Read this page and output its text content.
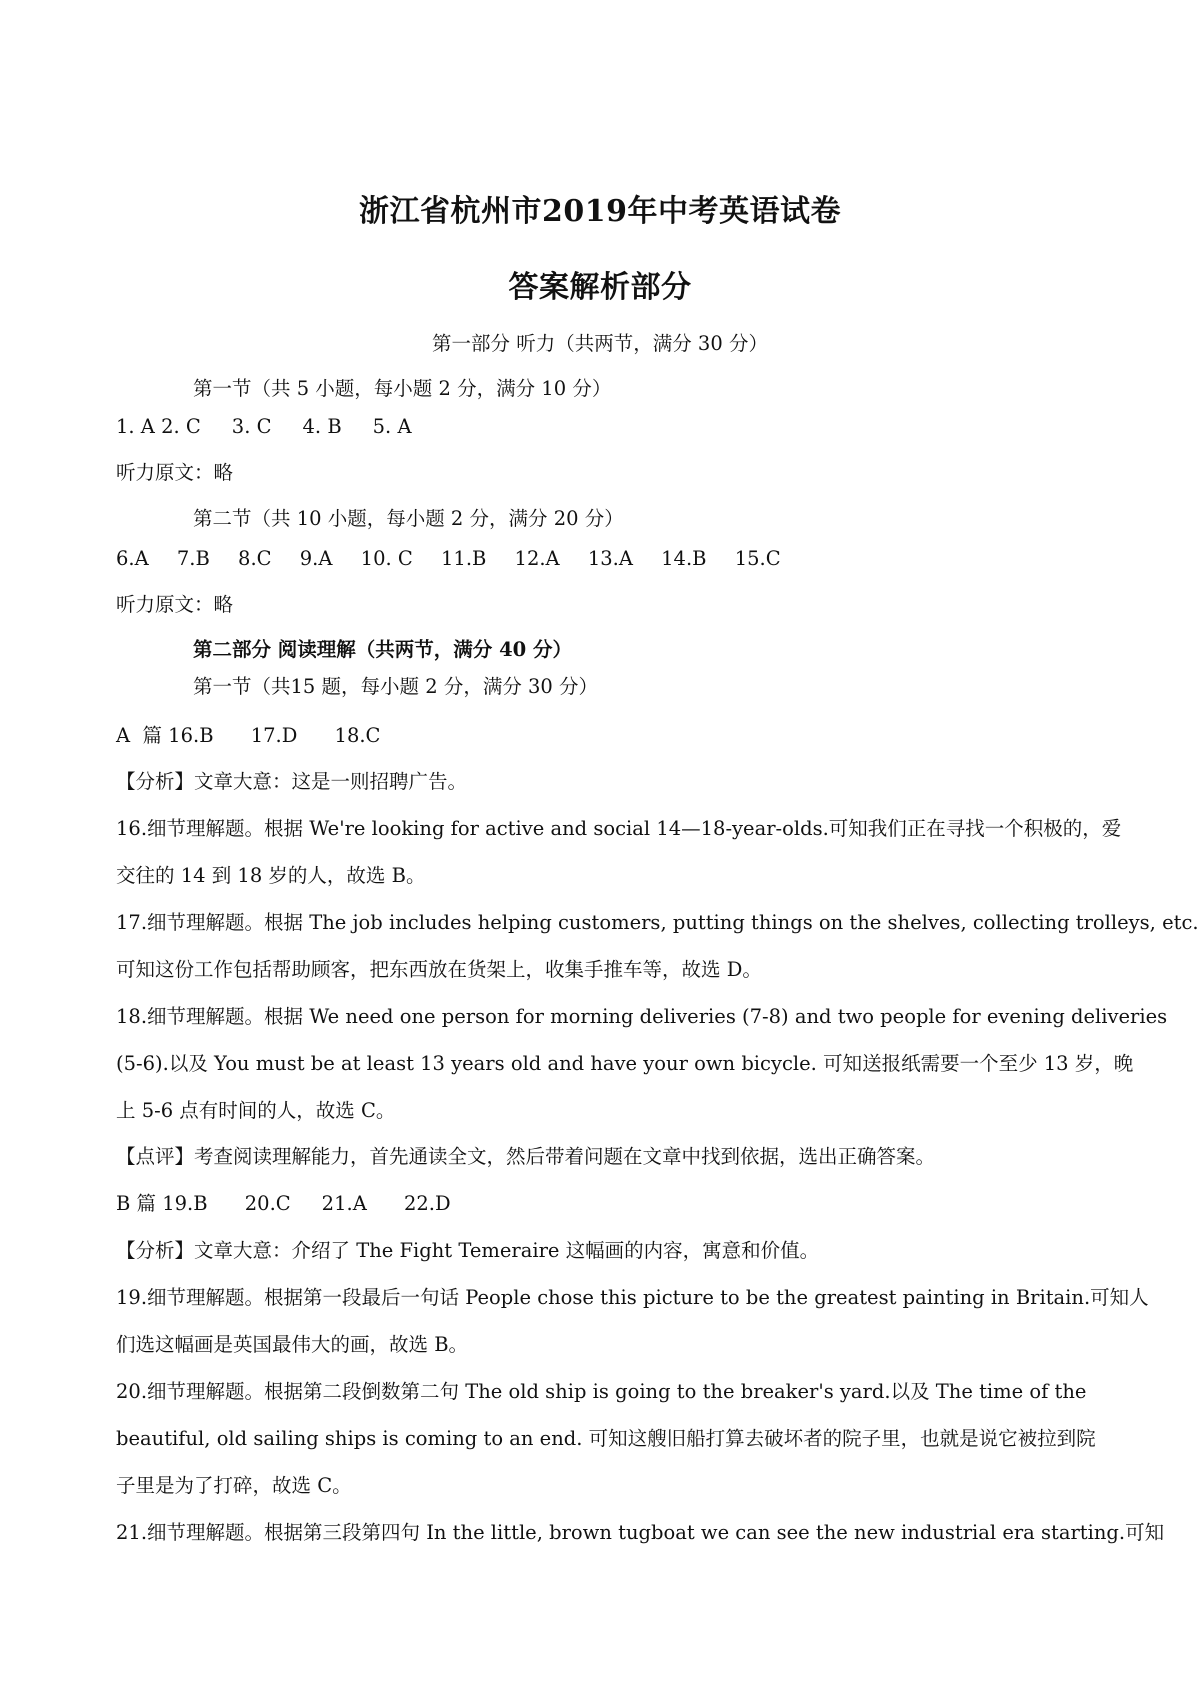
浙江省杭州市2019年中考英语试卷
答案解析部分
第一部分 听力（共两节，满分 30 分）
第一节（共 5 小题，每小题 2 分，满分 10 分）
1. A 2. C     3. C     4. B     5. A
听力原文：略
第二节（共 10 小题，每小题 2 分，满分 20 分）
6.A 7.B 8.C 9.A 10. C 11.B 12.A 13.A 14.B 15.C
听力原文：略
第二部分 阅读理解（共两节，满分 40 分）
第一节（共15 题，每小题 2 分，满分 30 分）
A  篇 16.B      17.D      18.C
【分析】文章大意：这是一则招聘广告。
16.细节理解题。根据 We're looking for active and social 14—18-year-olds.可知我们正在寻找一个积极的，爱
交往的 14 到 18 岁的人，故选 B。
17.细节理解题。根据 The job includes helping customers, putting things on the shelves, collecting trolleys, etc.
可知这份工作包括帮助顾客，把东西放在货架上，收集手推车等，故选 D。
18.细节理解题。根据 We need one person for morning deliveries (7-8) and two people for evening deliveries
(5-6).以及 You must be at least 13 years old and have your own bicycle. 可知送报纸需要一个至少 13 岁，晚
上 5-6 点有时间的人，故选 C。
【点评】考查阅读理解能力，首先通读全文，然后带着问题在文章中找到依据，选出正确答案。
B 篇 19.B      20.C     21.A      22.D
【分析】文章大意：介绍了 The Fight Temeraire 这幅画的内容，寓意和价值。
19.细节理解题。根据第一段最后一句话 People chose this picture to be the greatest painting in Britain.可知人
们选这幅画是英国最伟大的画，故选 B。
20.细节理解题。根据第二段倒数第二句 The old ship is going to the breaker's yard.以及 The time of the
beautiful, old sailing ships is coming to an end. 可知这艘旧船打算去破坏者的院子里，也就是说它被拉到院
子里是为了打碎，故选 C。
21.细节理解题。根据第三段第四句 In the little, brown tugboat we can see the new industrial era starting.可知
